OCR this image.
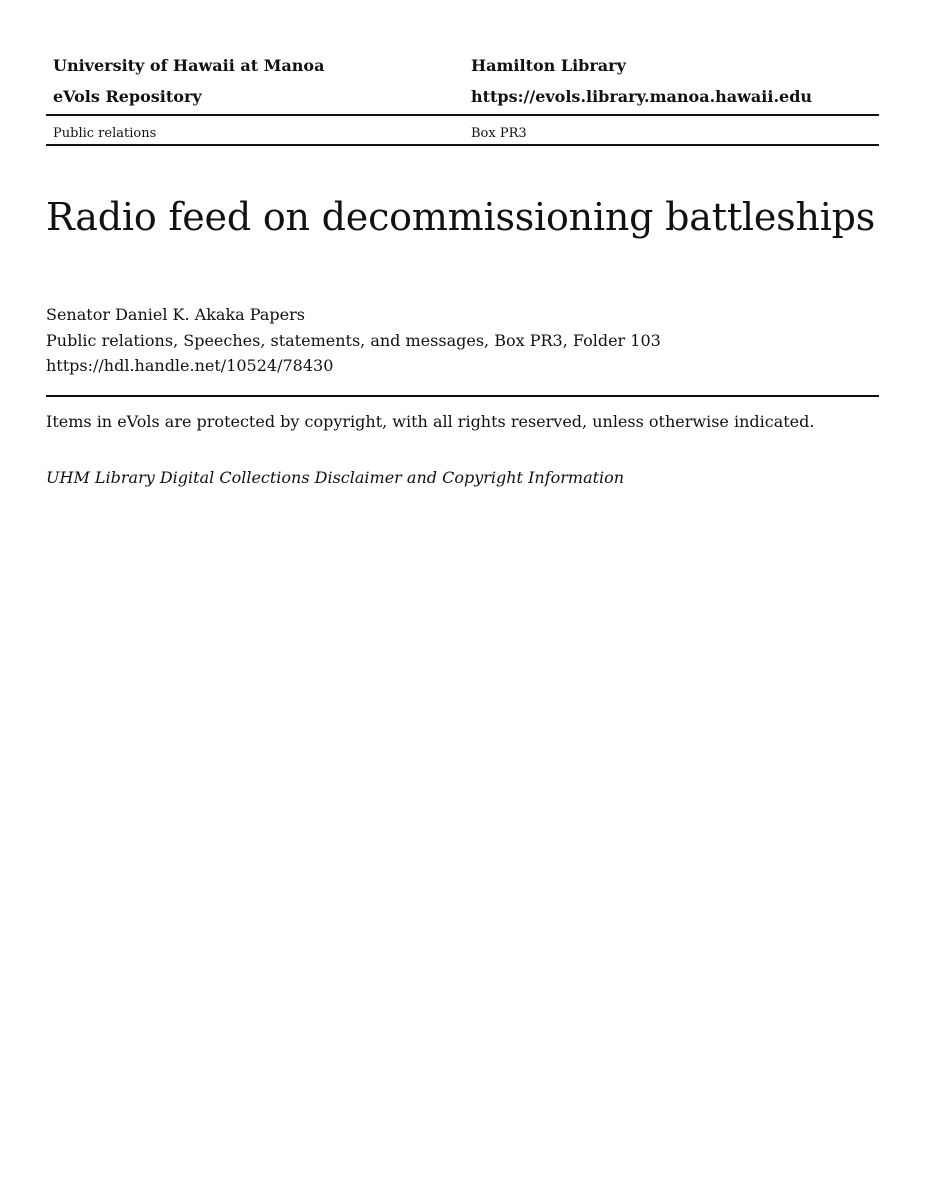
University of Hawaii at Manoa	Hamilton Library
eVols Repository	https://evols.library.manoa.hawaii.edu
Public relations	Box PR3
Radio feed on decommissioning battleships
Senator Daniel K. Akaka Papers
Public relations, Speeches, statements, and messages, Box PR3, Folder 103
https://hdl.handle.net/10524/78430
Items in eVols are protected by copyright, with all rights reserved, unless otherwise indicated.
UHM Library Digital Collections Disclaimer and Copyright Information
